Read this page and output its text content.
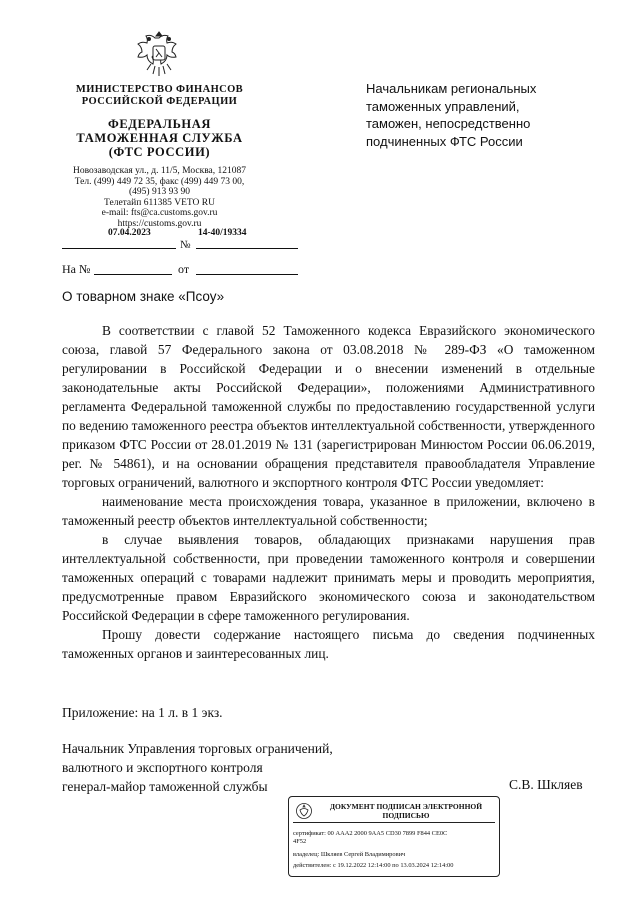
МИНИСТЕРСТВО ФИНАНСОВ
РОССИЙСКОЙ ФЕДЕРАЦИИ
ФЕДЕРАЛЬНАЯ
ТАМОЖЕННАЯ СЛУЖБА
(ФТС РОССИИ)
Новозаводская ул., д. 11/5, Москва, 121087
Тел. (499) 449 72 35, факс (499) 449 73 00,
(495) 913 93 90
Телетайп 611385 VETO RU
e-mail: fts@ca.customs.gov.ru
https://customs.gov.ru
07.04.2023	14-40/19334
№
На №	от
Начальникам региональных
таможенных управлений,
таможен, непосредственно
подчиненных ФТС России
О товарном знаке «Псоу»

В соответствии с главой 52 Таможенного кодекса Евразийского экономического союза, главой 57 Федерального закона от 03.08.2018 № 289-ФЗ «О таможенном регулировании в Российской Федерации и о внесении изменений в отдельные законодательные акты Российской Федерации», положениями Административного регламента Федеральной таможенной службы по предоставлению государственной услуги по ведению таможенного реестра объектов интеллектуальной собственности, утвержденного приказом ФТС России от 28.01.2019 № 131 (зарегистрирован Минюстом России 06.06.2019, рег. № 54861), и на основании обращения представителя правообладателя Управление торговых ограничений, валютного и экспортного контроля ФТС России уведомляет:

наименование места происхождения товара, указанное в приложении, включено в таможенный реестр объектов интеллектуальной собственности;

в случае выявления товаров, обладающих признаками нарушения прав интеллектуальной собственности, при проведении таможенного контроля и совершении таможенных операций с товарами надлежит принимать меры и проводить мероприятия, предусмотренные правом Евразийского экономического союза и законодательством Российской Федерации в сфере таможенного регулирования.

Прошу довести содержание настоящего письма до сведения подчиненных таможенных органов и заинтересованных лиц.

Приложение: на 1 л. в 1 экз.
Начальник Управления торговых ограничений,
валютного и экспортного контроля
генерал-майор таможенной службы	С.В. Шкляев
ДОКУМЕНТ ПОДПИСАН ЭЛЕКТРОННОЙ
ПОДПИСЬЮ
сертификат: 00 AAA2 2000 9AA5 CD30 7899 F844 CE0C
4F52
владелец: Шкляев Сергей Владимирович
действителен: с 19.12.2022 12:14:00 по 13.03.2024 12:14:00
